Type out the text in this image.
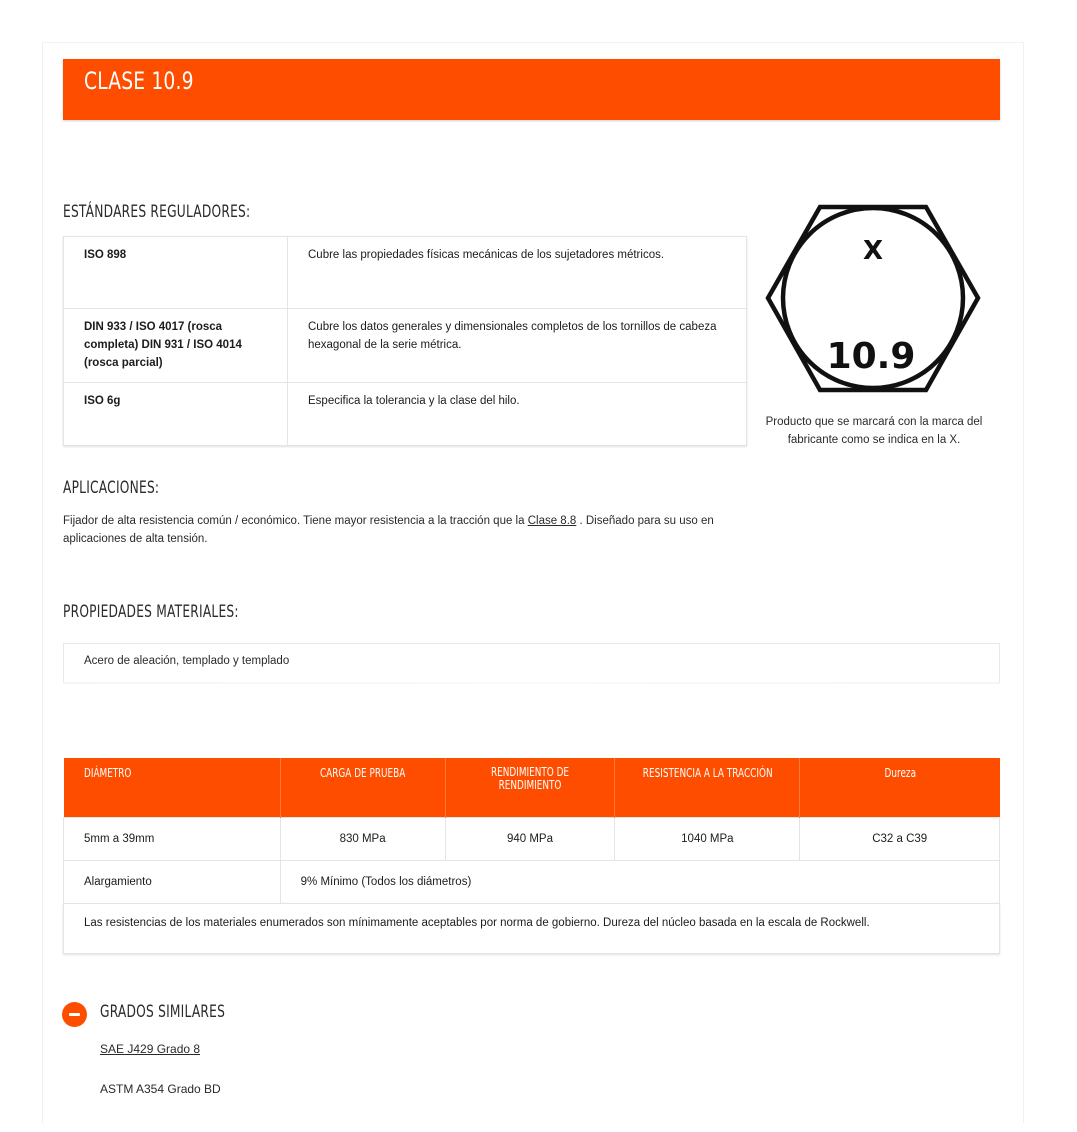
CLASE 10.9
ESTÁNDARES REGULADORES:
ISO 898	Cubre las propiedades físicas mecánicas de los sujetadores métricos.
DIN 933 / ISO 4017 (rosca completa) DIN 931 / ISO 4014 (rosca parcial)	Cubre los datos generales y dimensionales completos de los tornillos de cabeza hexagonal de la serie métrica.
ISO 6g	Especifica la tolerancia y la clase del hilo.
X
10.9
Producto que se marcará con la marca del fabricante como se indica en la X.
APLICACIONES:
Fijador de alta resistencia común / económico. Tiene mayor resistencia a la tracción que la Clase 8.8 . Diseñado para su uso en aplicaciones de alta tensión.
PROPIEDADES MATERIALES:
Acero de aleación, templado y templado
DIÁMETRO	CARGA DE PRUEBA	RENDIMIENTO DE RENDIMIENTO	RESISTENCIA A LA TRACCIÓN	Dureza
5mm a 39mm	830 MPa	940 MPa	1040 MPa	C32 a C39
Alargamiento	9% Mínimo (Todos los diámetros)			
Las resistencias de los materiales enumerados son mínimamente aceptables por norma de gobierno. Dureza del núcleo basada en la escala de Rockwell.
GRADOS SIMILARES
SAE J429 Grado 8
ASTM A354 Grado BD
